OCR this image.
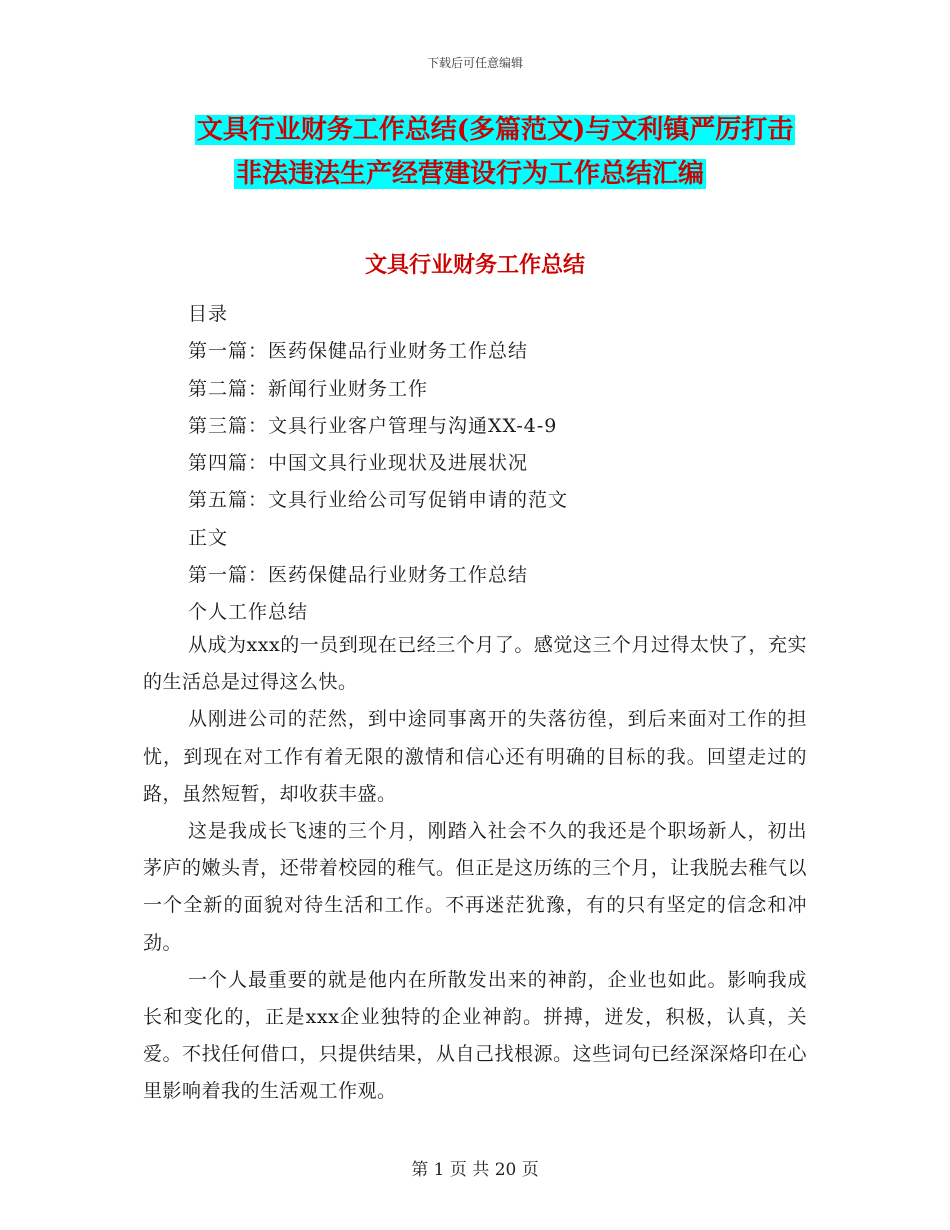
下载后可任意编辑
文具行业财务工作总结(多篇范文)与文利镇严厉打击
非法违法生产经营建设行为工作总结汇编
文具行业财务工作总结
目录
第一篇：医药保健品行业财务工作总结
第二篇：新闻行业财务工作
第三篇：文具行业客户管理与沟通XX-4-9
第四篇：中国文具行业现状及进展状况
第五篇：文具行业给公司写促销申请的范文
正文
第一篇：医药保健品行业财务工作总结
个人工作总结

从成为xxx的一员到现在已经三个月了。感觉这三个月过得太快了，充实的生活总是过得这么快。

从刚进公司的茫然，到中途同事离开的失落彷徨，到后来面对工作的担忧，到现在对工作有着无限的激情和信心还有明确的目标的我。回望走过的路，虽然短暂，却收获丰盛。

这是我成长飞速的三个月，刚踏入社会不久的我还是个职场新人，初出茅庐的嫩头青，还带着校园的稚气。但正是这历练的三个月，让我脱去稚气以一个全新的面貌对待生活和工作。不再迷茫犹豫，有的只有坚定的信念和冲劲。

一个人最重要的就是他内在所散发出来的神韵，企业也如此。影响我成长和变化的，正是xxx企业独特的企业神韵。拼搏，迸发，积极，认真，关爱。不找任何借口，只提供结果，从自己找根源。这些词句已经深深烙印在心里影响着我的生活观工作观。

第 1 页 共 20 页
